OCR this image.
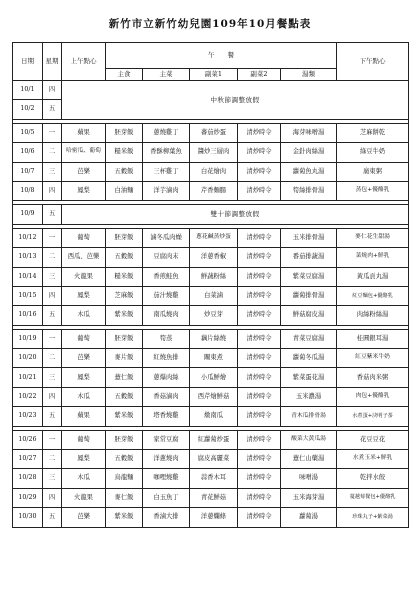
新竹市立新竹幼兒園109年10月餐點表
日期	星期	上午點心	午　　餐					下午點心
			主食	主菜	副菜1	副菜2	湯類	
10/1	四	中秋節調整放假						
10/2	五							

10/5	一	蘋果	胚芽飯	蔥燒雞丁	蕃茄炒蛋	清炒時令	海芽味噌湯	芝麻餅乾
10/6	二	哈密瓜、葡萄	糙米飯	香酥柳葉魚	醬炒三層肉	清炒時令	金針肉絲湯	綠豆牛奶
10/7	三	芭樂	五穀飯	三杯雞丁	白花燴肉	清炒時令	蘿蔔魚丸湯	廣東粥
10/8	四	鳳梨	白油麵	洋芋滷肉	芹香麵腸	清炒時令	筍絲排骨湯	蒸包+優酪乳

10/9	五	雙十節調整放假						

10/12	一	葡萄	胚芽飯	滷冬瓜肉燥	蔥花鹹蒸炒蛋	清炒時令	玉米排骨湯	麥仁花生甜湯
10/13	二	西瓜、芭樂	五穀飯	豆腐肉末	洋蔥香椒	清炒時令	番茄排蔬湯	菜燒肉+鮮乳
10/14	三	火龍果	糙米飯	香煎鮭魚	鮮蔬粉絲	清炒時令	紫菜豆腐湯	黃瓜貢丸湯
10/15	四	鳳梨	芝麻飯	茄汁燒雞	白菜滷	清炒時令	蘿蔔排骨湯	紅豆麵包+優酪乳
10/16	五	木瓜	紫米飯	南瓜燒肉	炒豆芽	清炒時令	鮮菇腐皮湯	肉絲粉絲湯

10/19	一	葡萄	胚芽飯	筍蒸	藕片絲燒	清炒時令	青菜豆腐湯	桂圓銀耳湯
10/20	二	芭樂	麥片飯	紅燒魚排	關東煮	清炒時令	蘿蔔冬瓜湯	紅豆紫米牛奶
10/21	三	鳳梨	薏仁飯	蔥爆肉絲	小瓜鮮燴	清炒時令	紫菜蛋花湯	香菇肉米粥
10/22	四	木瓜	五穀飯	香菇滷肉	西芹燴鮮菇	清炒時令	玉米濃湯	肉包+優酪乳
10/23	五	蘋果	紫米飯	塔香燒雞	燉南瓜	清炒時令	青木瓜排骨湯	水煮蛋+決明子茶

10/26	一	葡萄	胚芽飯	家常豆腐	紅蘿蔔炒蛋	清炒時令	酸菜大黃瓜湯	花豆豆花
10/27	二	鳳梨	五穀飯	洋蔥燒肉	腐皮高麗菜	清炒時令	薏仁山藥湯	水煮玉米+鮮乳
10/28	三	木瓜	烏龍麵	咖哩燒雞	蒜香木耳	清炒時令	味噌湯	乾拌水餃
10/29	四	火龍果	麥仁飯	白玉魚丁	青花鮮菇	清炒時令	玉米海芽湯	蔓越莓餐包+優酪乳
10/30	五	芭樂	紫米飯	香滷大排	洋蔥爛條	清炒時令	蘿蔔湯	珍珠丸子+紫菜湯
